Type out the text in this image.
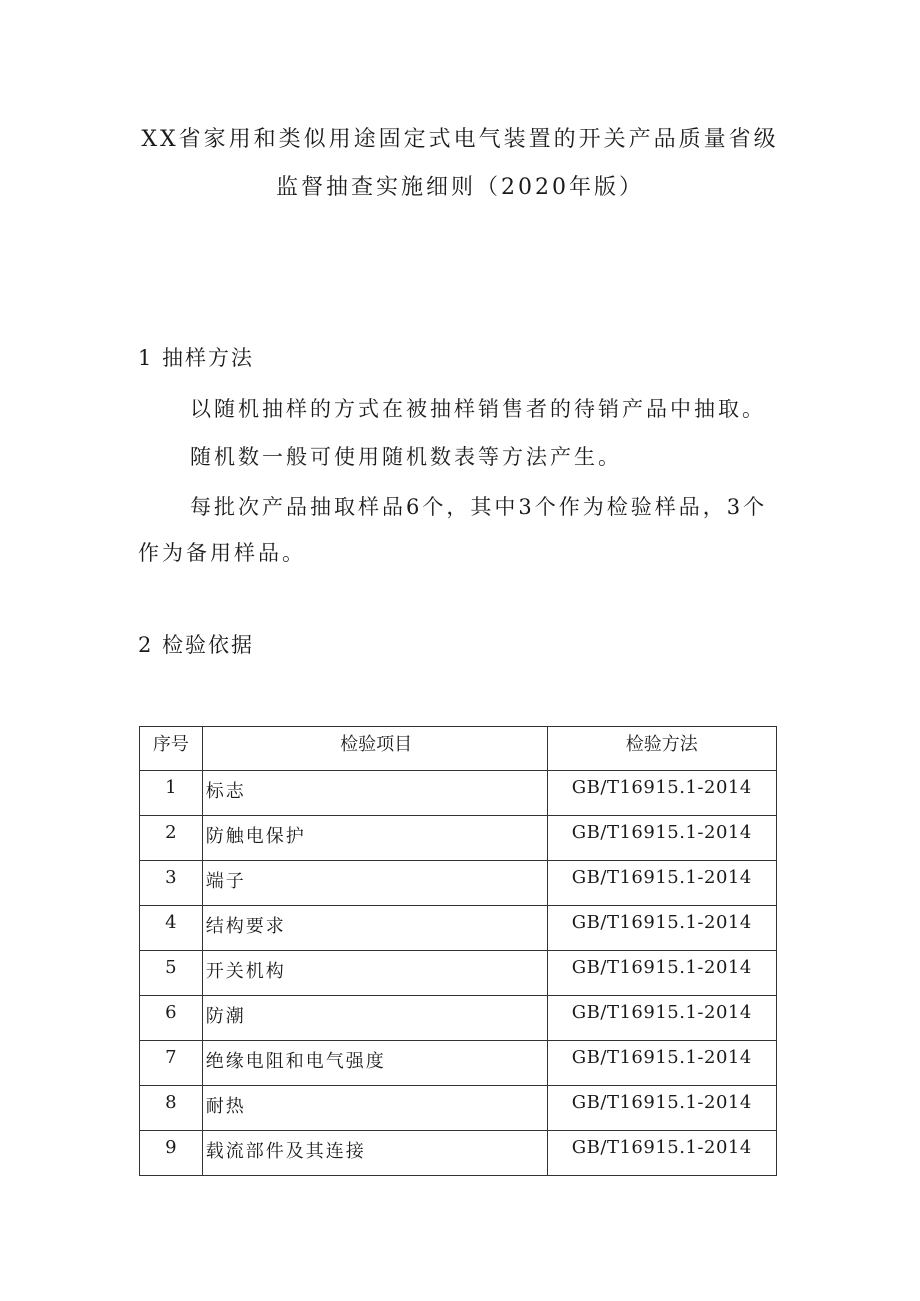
XX省家用和类似用途固定式电气装置的开关产品质量省级
监督抽查实施细则（2020年版）
1 抽样方法
以随机抽样的方式在被抽样销售者的待销产品中抽取。
随机数一般可使用随机数表等方法产生。
每批次产品抽取样品6个，其中3个作为检验样品，3个
作为备用样品。
2 检验依据
序号	检验项目	检验方法
1	标志	GB/T16915.1-2014
2	防触电保护	GB/T16915.1-2014
3	端子	GB/T16915.1-2014
4	结构要求	GB/T16915.1-2014
5	开关机构	GB/T16915.1-2014
6	防潮	GB/T16915.1-2014
7	绝缘电阻和电气强度	GB/T16915.1-2014
8	耐热	GB/T16915.1-2014
9	载流部件及其连接	GB/T16915.1-2014
